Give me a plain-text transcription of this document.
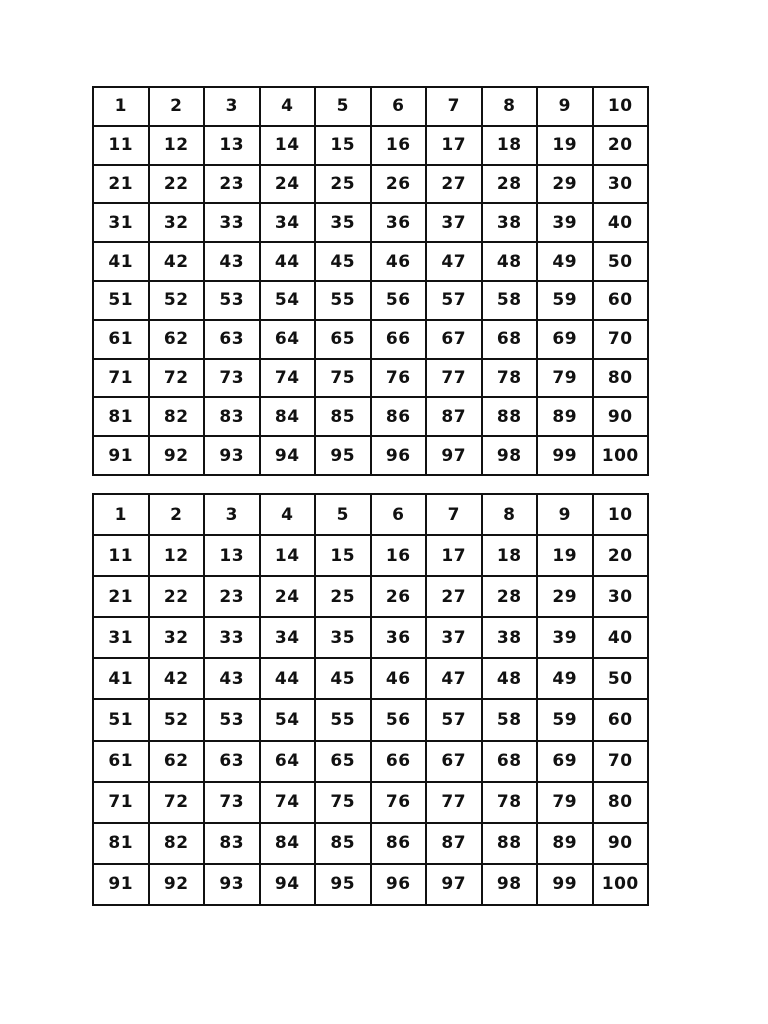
1	2	3	4	5	6	7	8	9	10
11	12	13	14	15	16	17	18	19	20
21	22	23	24	25	26	27	28	29	30
31	32	33	34	35	36	37	38	39	40
41	42	43	44	45	46	47	48	49	50
51	52	53	54	55	56	57	58	59	60
61	62	63	64	65	66	67	68	69	70
71	72	73	74	75	76	77	78	79	80
81	82	83	84	85	86	87	88	89	90
91	92	93	94	95	96	97	98	99	100
1	2	3	4	5	6	7	8	9	10
11	12	13	14	15	16	17	18	19	20
21	22	23	24	25	26	27	28	29	30
31	32	33	34	35	36	37	38	39	40
41	42	43	44	45	46	47	48	49	50
51	52	53	54	55	56	57	58	59	60
61	62	63	64	65	66	67	68	69	70
71	72	73	74	75	76	77	78	79	80
81	82	83	84	85	86	87	88	89	90
91	92	93	94	95	96	97	98	99	100
